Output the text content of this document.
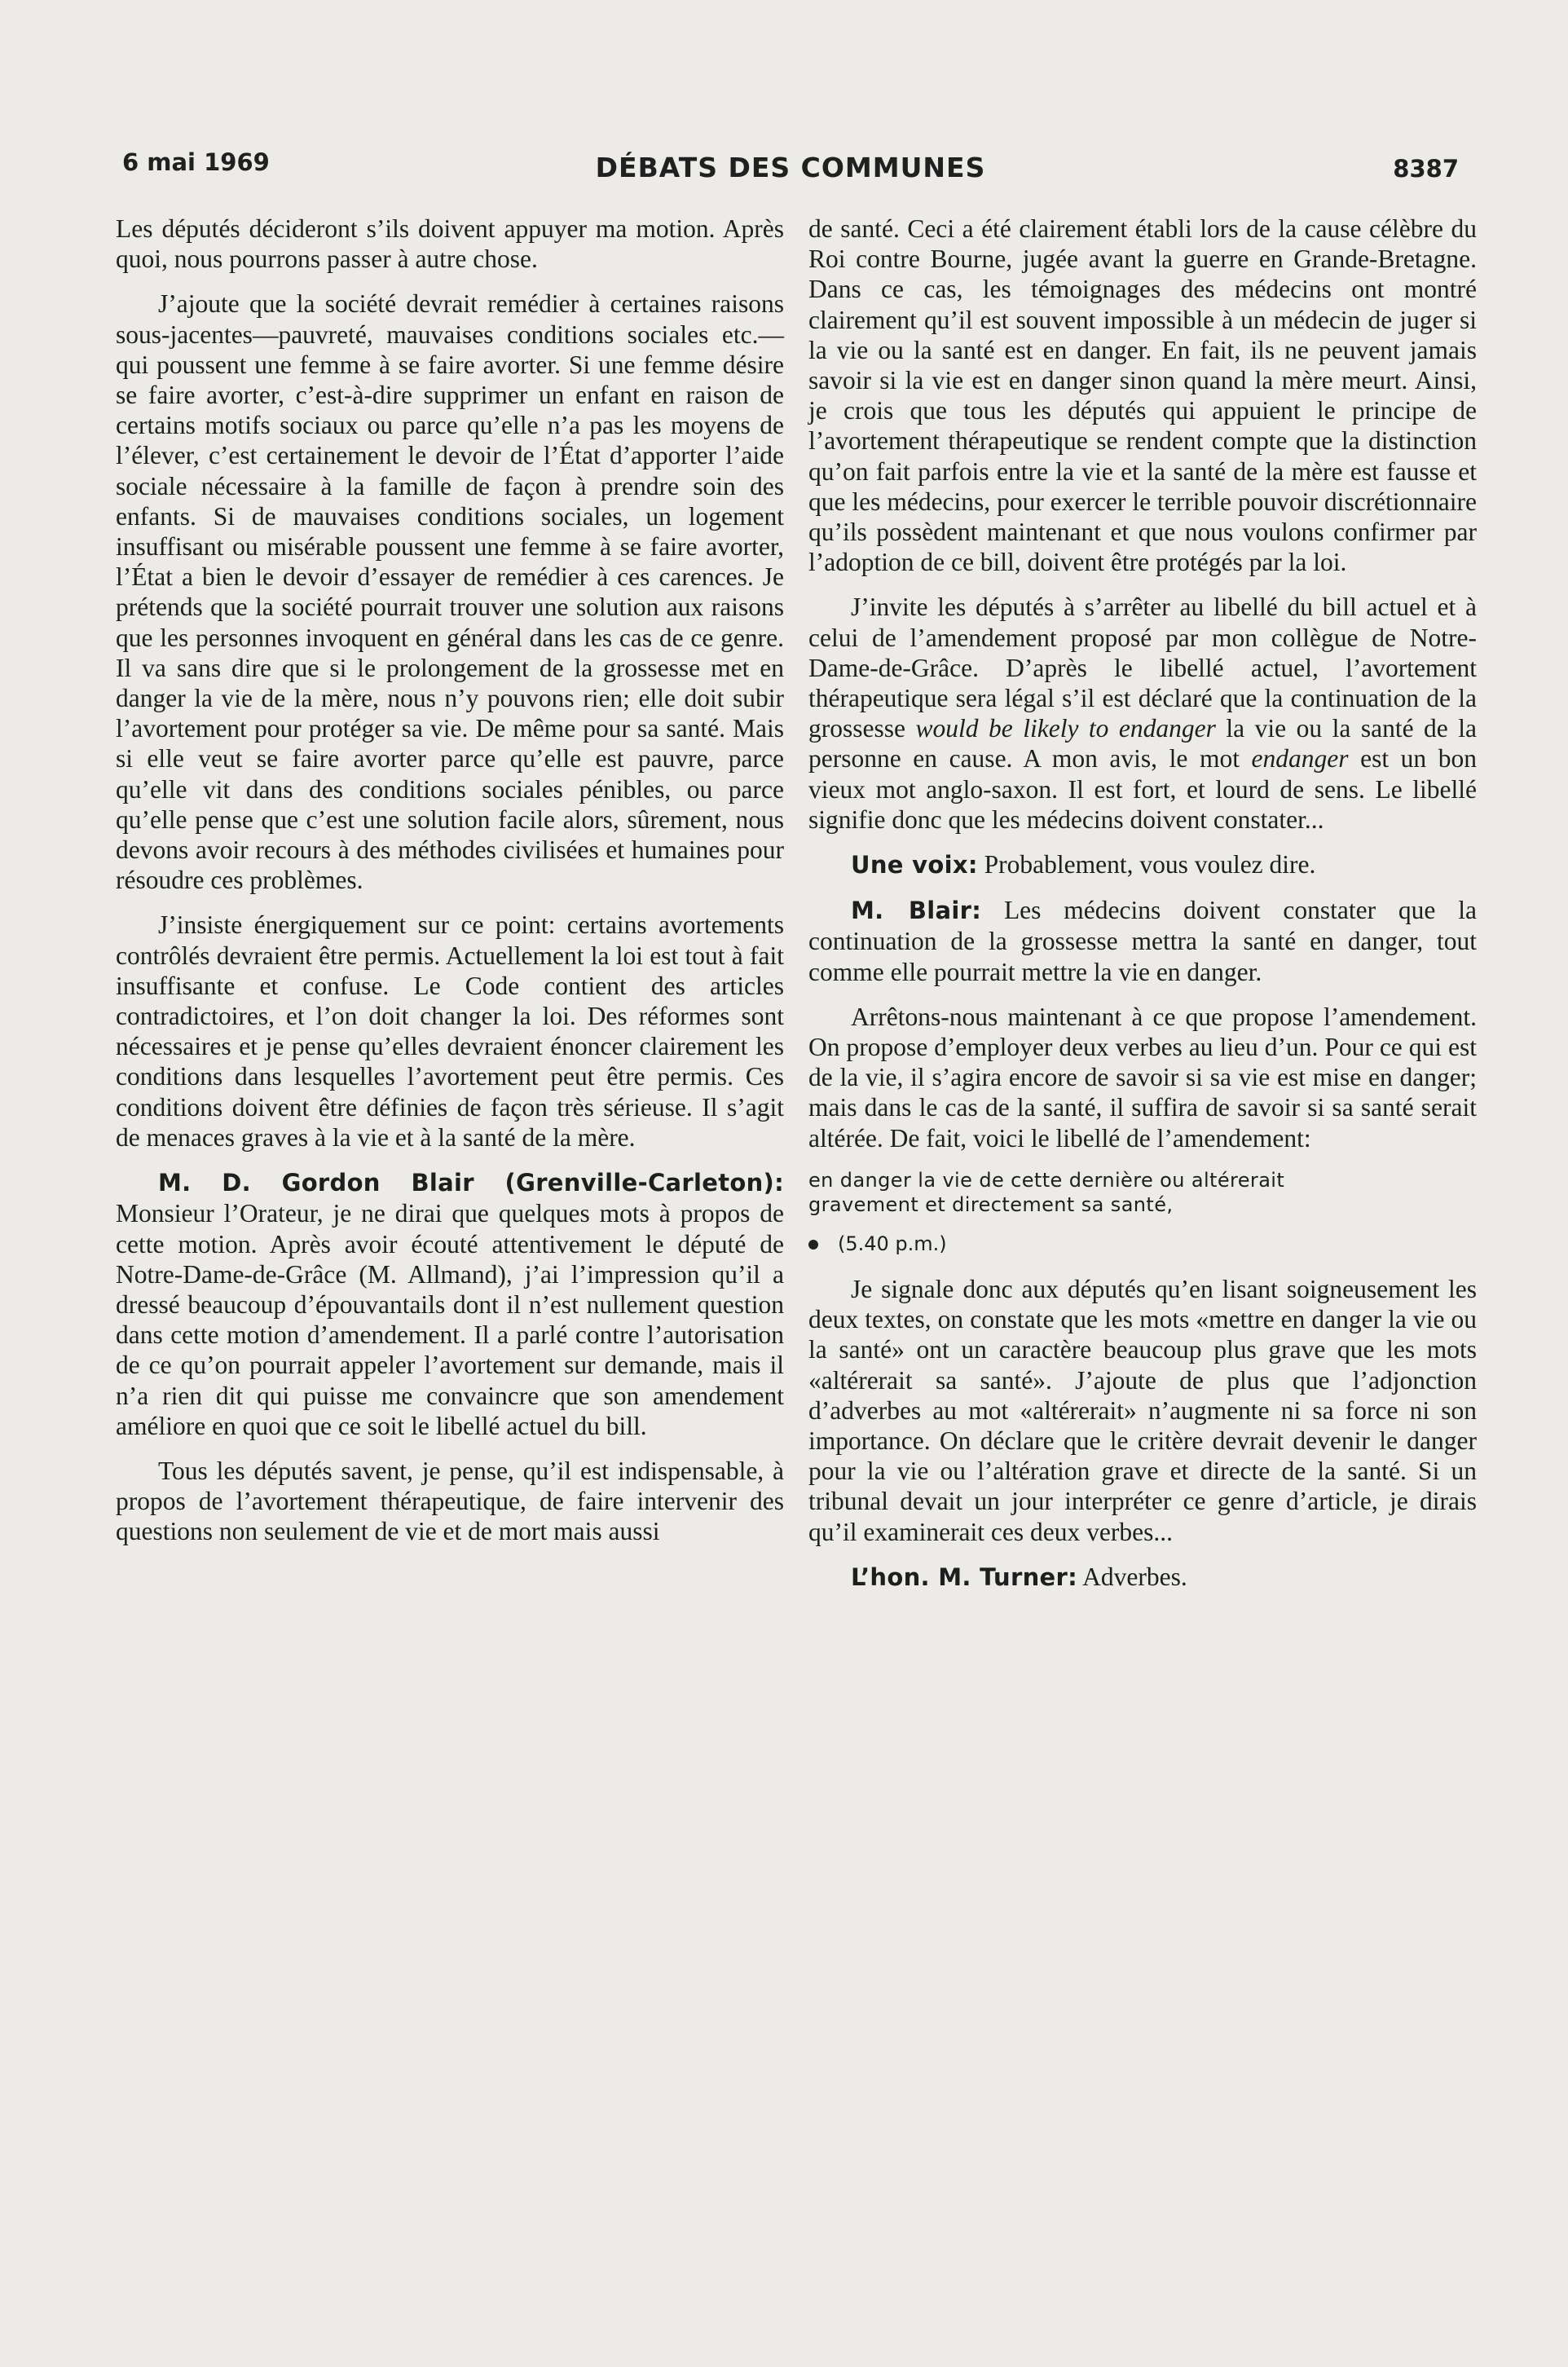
6 mai 1969	DÉBATS DES COMMUNES	8387

Les députés décideront s’ils doivent appuyer ma motion. Après quoi, nous pourrons passer à autre chose.

J’ajoute que la société devrait remédier à certaines raisons sous-jacentes—pauvreté, mauvaises conditions sociales etc.—qui poussent une femme à se faire avorter. Si une femme désire se faire avorter, c’est-à-dire supprimer un enfant en raison de certains motifs sociaux ou parce qu’elle n’a pas les moyens de l’élever, c’est certainement le devoir de l’État d’apporter l’aide sociale nécessaire à la famille de façon à prendre soin des enfants. Si de mauvaises conditions sociales, un logement insuffisant ou misérable poussent une femme à se faire avorter, l’État a bien le devoir d’essayer de remédier à ces carences. Je prétends que la société pourrait trouver une solution aux raisons que les personnes invoquent en général dans les cas de ce genre. Il va sans dire que si le prolongement de la grossesse met en danger la vie de la mère, nous n’y pouvons rien; elle doit subir l’avortement pour protéger sa vie. De même pour sa santé. Mais si elle veut se faire avorter parce qu’elle est pauvre, parce qu’elle vit dans des conditions sociales pénibles, ou parce qu’elle pense que c’est une solution facile alors, sûrement, nous devons avoir recours à des méthodes civilisées et humaines pour résoudre ces problèmes.

J’insiste énergiquement sur ce point: certains avortements contrôlés devraient être permis. Actuellement la loi est tout à fait insuffisante et confuse. Le Code contient des articles contradictoires, et l’on doit changer la loi. Des réformes sont nécessaires et je pense qu’elles devraient énoncer clairement les conditions dans lesquelles l’avortement peut être permis. Ces conditions doivent être définies de façon très sérieuse. Il s’agit de menaces graves à la vie et à la santé de la mère.

M. D. Gordon Blair (Grenville-Carleton): Monsieur l’Orateur, je ne dirai que quelques mots à propos de cette motion. Après avoir écouté attentivement le député de Notre-Dame-de-Grâce (M. Allmand), j’ai l’impression qu’il a dressé beaucoup d’épouvantails dont il n’est nullement question dans cette motion d’amendement. Il a parlé contre l’autorisation de ce qu’on pourrait appeler l’avortement sur demande, mais il n’a rien dit qui puisse me convaincre que son amendement améliore en quoi que ce soit le libellé actuel du bill.

Tous les députés savent, je pense, qu’il est indispensable, à propos de l’avortement thérapeutique, de faire intervenir des questions non seulement de vie et de mort mais aussi

de santé. Ceci a été clairement établi lors de la cause célèbre du Roi contre Bourne, jugée avant la guerre en Grande-Bretagne. Dans ce cas, les témoignages des médecins ont montré clairement qu’il est souvent impossible à un médecin de juger si la vie ou la santé est en danger. En fait, ils ne peuvent jamais savoir si la vie est en danger sinon quand la mère meurt. Ainsi, je crois que tous les députés qui appuient le principe de l’avortement thérapeutique se rendent compte que la distinction qu’on fait parfois entre la vie et la santé de la mère est fausse et que les médecins, pour exercer le terrible pouvoir discrétionnaire qu’ils possèdent maintenant et que nous voulons confirmer par l’adoption de ce bill, doivent être protégés par la loi.

J’invite les députés à s’arrêter au libellé du bill actuel et à celui de l’amendement proposé par mon collègue de Notre-Dame-de-Grâce. D’après le libellé actuel, l’avortement thérapeutique sera légal s’il est déclaré que la continuation de la grossesse would be likely to endanger la vie ou la santé de la personne en cause. A mon avis, le mot endanger est un bon vieux mot anglo-saxon. Il est fort, et lourd de sens. Le libellé signifie donc que les médecins doivent constater...

Une voix: Probablement, vous voulez dire.

M. Blair: Les médecins doivent constater que la continuation de la grossesse mettra la santé en danger, tout comme elle pourrait mettre la vie en danger.

Arrêtons-nous maintenant à ce que propose l’amendement. On propose d’employer deux verbes au lieu d’un. Pour ce qui est de la vie, il s’agira encore de savoir si sa vie est mise en danger; mais dans le cas de la santé, il suffira de savoir si sa santé serait altérée. De fait, voici le libellé de l’amendement:

en danger la vie de cette dernière ou altérerait
gravement et directement sa santé,
(5.40 p.m.)

Je signale donc aux députés qu’en lisant soigneusement les deux textes, on constate que les mots «mettre en danger la vie ou la santé» ont un caractère beaucoup plus grave que les mots «altérerait sa santé». J’ajoute de plus que l’adjonction d’adverbes au mot «altérerait» n’augmente ni sa force ni son importance. On déclare que le critère devrait devenir le danger pour la vie ou l’altération grave et directe de la santé. Si un tribunal devait un jour interpréter ce genre d’article, je dirais qu’il examinerait ces deux verbes...

L’hon. M. Turner: Adverbes.
